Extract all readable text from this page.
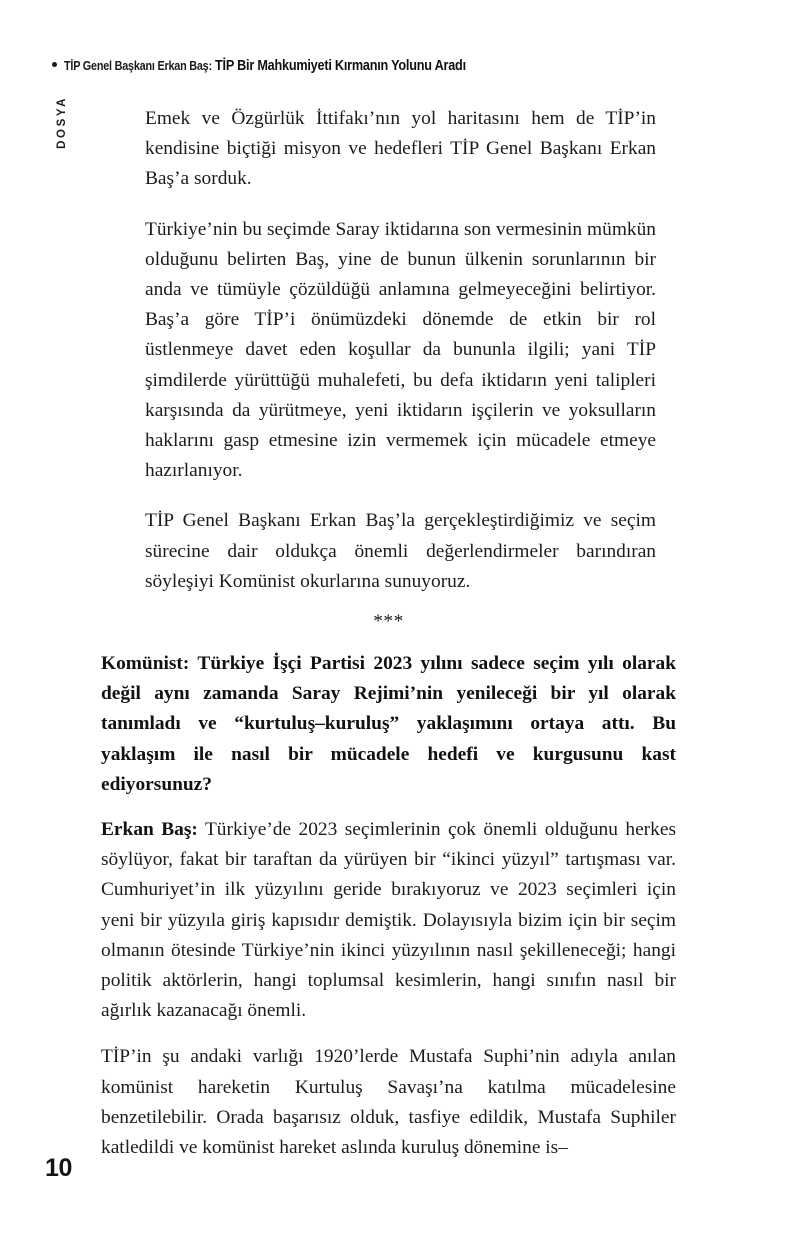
TİP Genel Başkanı Erkan Baş: TİP Bir Mahkumiyeti Kırmanın Yolunu Aradı
DOSYA	Emek ve Özgürlük İttifakı’nın yol haritasını hem de TİP’in kendisine biçtiği misyon ve hedefleri TİP Genel Başkanı Erkan Baş’a sorduk.

Türkiye’nin bu seçimde Saray iktidarına son vermesinin mümkün olduğunu belirten Baş, yine de bunun ülkenin sorunlarının bir anda ve tümüyle çözüldüğü anlamına gelmeyeceğini belirtiyor. Baş’a göre TİP’i önümüzdeki dönemde de etkin bir rol üstlenmeye davet eden koşullar da bununla ilgili; yani TİP şimdilerde yürüttüğü muhalefeti, bu defa iktidarın yeni talipleri karşısında da yürütmeye, yeni iktidarın işçilerin ve yoksulların haklarını gasp etmesine izin vermemek için mücadele etmeye hazırlanıyor.

TİP Genel Başkanı Erkan Baş’la gerçekleştirdiğimiz ve seçim sürecine dair oldukça önemli değerlendirmeler barındıran söyleşiyi Komünist okurlarına sunuyoruz.

***

Komünist: Türkiye İşçi Partisi 2023 yılını sadece seçim yılı olarak değil aynı zamanda Saray Rejimi’nin yenileceği bir yıl olarak tanımladı ve “kurtuluş–kuruluş” yaklaşımını ortaya attı. Bu yaklaşım ile nasıl bir mücadele hedefi ve kurgusunu kast ediyorsunuz?

Erkan Baş: Türkiye’de 2023 seçimlerinin çok önemli olduğunu herkes söylüyor, fakat bir taraftan da yürüyen bir “ikinci yüzyıl” tartışması var. Cumhuriyet’in ilk yüzyılını geride bırakıyoruz ve 2023 seçimleri için yeni bir yüzyıla giriş kapısıdır demiştik. Dolayısıyla bizim için bir seçim olmanın ötesinde Türkiye’nin ikinci yüzyılının nasıl şekilleneceği; hangi politik aktörlerin, hangi toplumsal kesimlerin, hangi sınıfın nasıl bir ağırlık kazanacağı önemli.

TİP’in şu andaki varlığı 1920’lerde Mustafa Suphi’nin adıyla anılan komünist hareketin Kurtuluş Savaşı’na katılma mücadelesine benzetilebilir. Orada başarısız olduk, tasfiye edildik, Mustafa Suphiler katledildi ve komünist hareket aslında kuruluş dönemine is–

10
